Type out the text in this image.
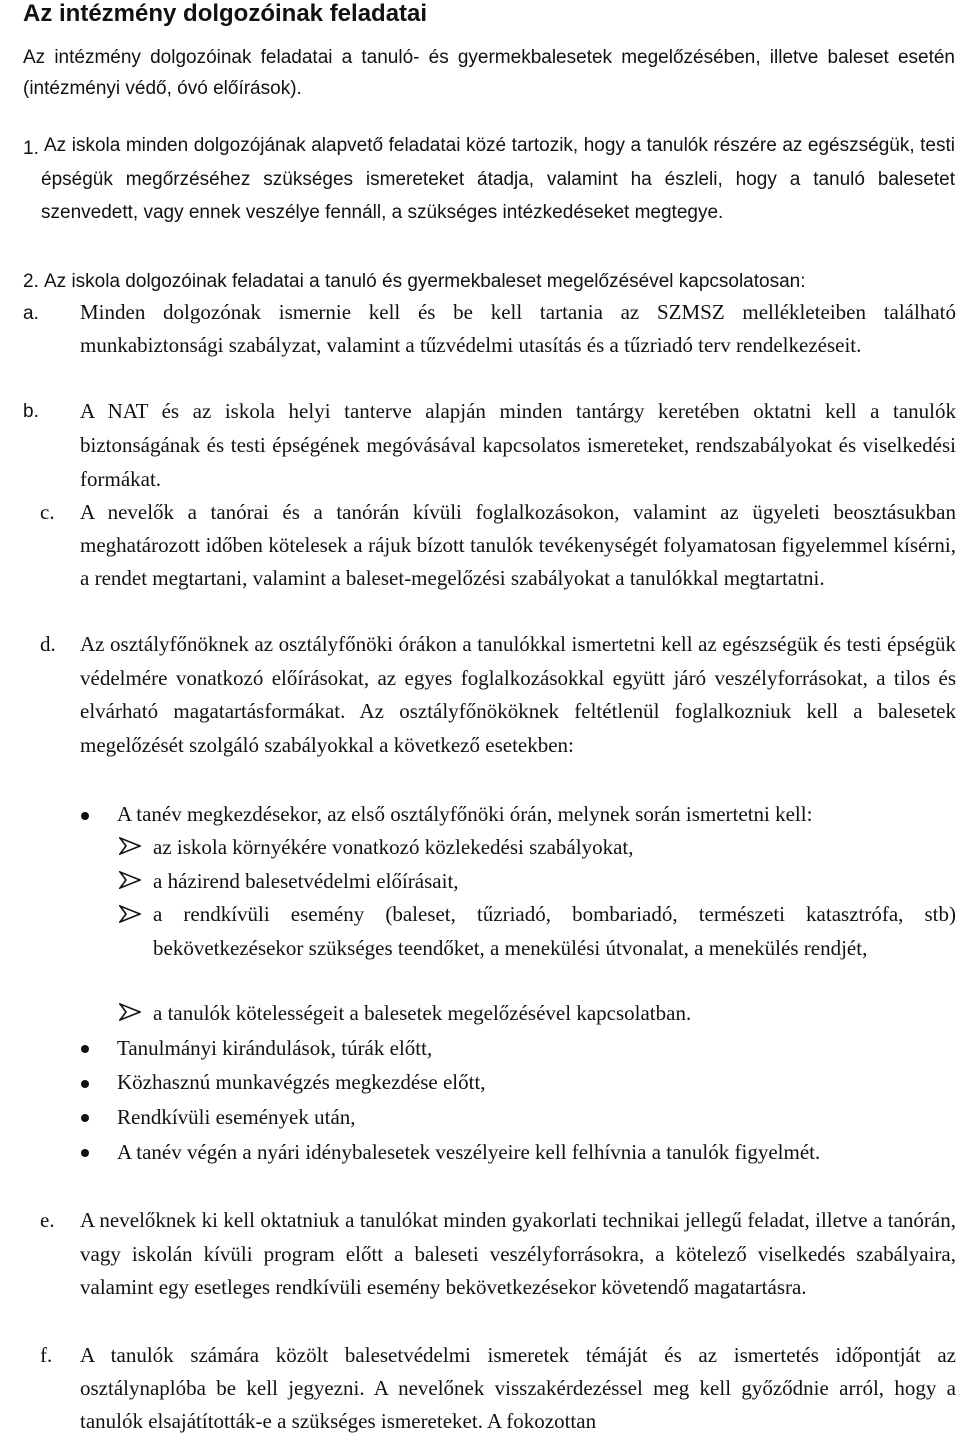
Az intézmény dolgozóinak feladatai
Az intézmény dolgozóinak feladatai a tanuló- és gyermekbalesetek megelőzésében, illetve baleset esetén (intézményi védő, óvó előírások).
1. Az iskola minden dolgozójának alapvető feladatai közé tartozik, hogy a tanulók részére az egészségük, testi épségük megőrzéséhez szükséges ismereteket átadja, valamint ha észleli, hogy a tanuló balesetet szenvedett, vagy ennek veszélye fennáll, a szükséges intézkedéseket megtegye.
2. Az iskola dolgozóinak feladatai a tanuló és gyermekbaleset megelőzésével kapcsolatosan:
a. Minden dolgozónak ismernie kell és be kell tartania az SZMSZ mellékleteiben található munkabiztonsági szabályzat, valamint a tűzvédelmi utasítás és a tűzriadó terv rendelkezéseit.
b. A NAT és az iskola helyi tanterve alapján minden tantárgy keretében oktatni kell a tanulók biztonságának és testi épségének megóvásával kapcsolatos ismereteket, rendszabályokat és viselkedési formákat.
c. A nevelők a tanórai és a tanórán kívüli foglalkozásokon, valamint az ügyeleti beosztásukban meghatározott időben kötelesek a rájuk bízott tanulók tevékenységét folyamatosan figyelemmel kísérni, a rendet megtartani, valamint a baleset-megelőzési szabályokat a tanulókkal megtartatni.
d. Az osztályfőnöknek az osztályfőnöki órákon a tanulókkal ismertetni kell az egészségük és testi épségük védelmére vonatkozó előírásokat, az egyes foglalkozásokkal együtt járó veszélyforrásokat, a tilos és elvárható magatartásformákat. Az osztályfőnököknek feltétlenül foglalkozniuk kell a balesetek megelőzését szolgáló szabályokkal a következő esetekben:
A tanév megkezdésekor, az első osztályfőnöki órán, melynek során ismertetni kell:
az iskola környékére vonatkozó közlekedési szabályokat,
a házirend balesetvédelmi előírásait,
a rendkívüli esemény (baleset, tűzriadó, bombariadó, természeti katasztrófa, stb) bekövetkezésekor szükséges teendőket, a menekülési útvonalat, a menekülés rendjét,
a tanulók kötelességeit a balesetek megelőzésével kapcsolatban.
Tanulmányi kirándulások, túrák előtt,
Közhasznú munkavégzés megkezdése előtt,
Rendkívüli események után,
A tanév végén a nyári idénybalesetek veszélyeire kell felhívnia a tanulók figyelmét.
e. A nevelőknek ki kell oktatniuk a tanulókat minden gyakorlati technikai jellegű feladat, illetve a tanórán, vagy iskolán kívüli program előtt a baleseti veszélyforrásokra, a kötelező viselkedés szabályaira, valamint egy esetleges rendkívüli esemény bekövetkezésekor követendő magatartásra.
f. A tanulók számára közölt balesetvédelmi ismeretek témáját és az ismertetés időpontját az osztálynaplóba be kell jegyezni. A nevelőnek visszakérdezéssel meg kell győződnie arról, hogy a tanulók elsajátították-e a szükséges ismereteket. A fokozottan
